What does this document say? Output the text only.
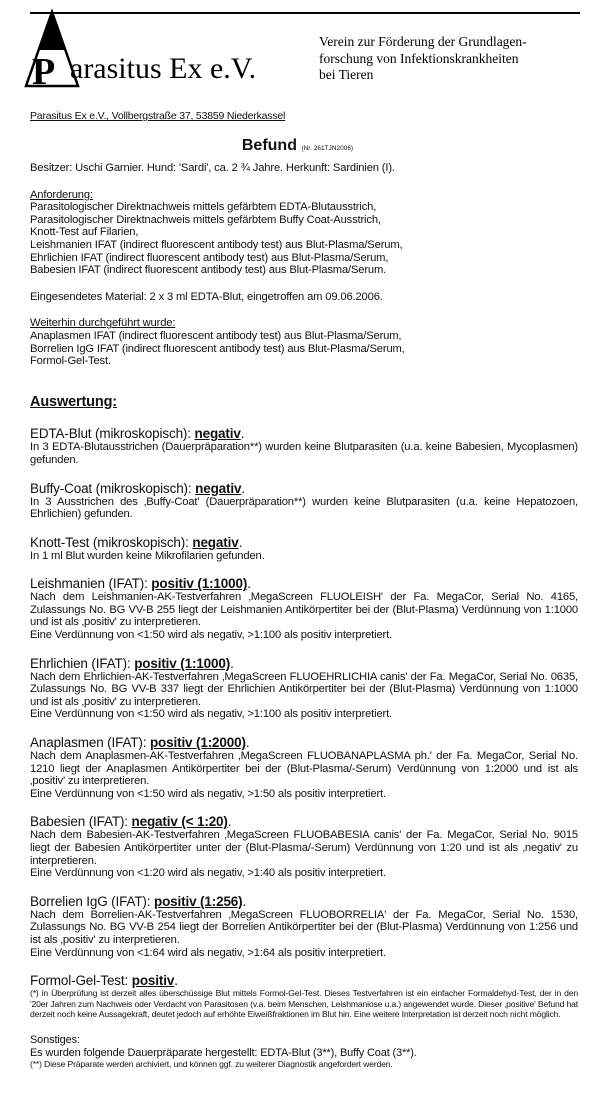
P arasitus Ex e.V.
Verein zur Förderung der Grundlagen-
forschung von Infektionskrankheiten
bei Tieren
Parasitus Ex e.V., Vollbergstraße 37, 53859 Niederkassel
Befund (Nr. 261TJN2006)
Besitzer: Uschi Garnier. Hund: 'Sardi', ca. 2 ¾ Jahre. Herkunft: Sardinien (I).
Anforderung:
Parasitologischer Direktnachweis mittels gefärbtem EDTA-Blutausstrich,
Parasitologischer Direktnachweis mittels gefärbtem Buffy Coat-Ausstrich,
Knott-Test auf Filarien,
Leishmanien IFAT (indirect fluorescent antibody test) aus Blut-Plasma/Serum,
Ehrlichien IFAT (indirect fluorescent antibody test) aus Blut-Plasma/Serum,
Babesien IFAT (indirect fluorescent antibody test) aus Blut-Plasma/Serum.
Eingesendetes Material: 2 x 3 ml EDTA-Blut, eingetroffen am 09.06.2006.
Weiterhin durchgeführt wurde:
Anaplasmen IFAT (indirect fluorescent antibody test) aus Blut-Plasma/Serum,
Borrelien IgG IFAT (indirect fluorescent antibody test) aus Blut-Plasma/Serum,
Formol-Gel-Test.
Auswertung:
EDTA-Blut (mikroskopisch): negativ.
In 3 EDTA-Blutausstrichen (Dauerpräparation**) wurden keine Blutparasiten (u.a. keine Babesien, Mycoplasmen) gefunden.
Buffy-Coat (mikroskopisch): negativ.
In 3 Ausstrichen des ‚Buffy-Coat' (Dauerpräparation**) wurden keine Blutparasiten (u.a. keine Hepatozoen, Ehrlichien) gefunden.
Knott-Test (mikroskopisch): negativ.
In 1 ml Blut wurden keine Mikrofilarien gefunden.
Leishmanien (IFAT): positiv (1:1000).
Nach dem Leishmanien-AK-Testverfahren ‚MegaScreen FLUOLEISH' der Fa. MegaCor, Serial No. 4165, Zulassungs No. BG VV-B 255 liegt der Leishmanien Antikörpertiter bei der (Blut-Plasma) Verdünnung von 1:1000 und ist als ‚positiv' zu interpretieren.
Eine Verdünnung von <1:50 wird als negativ, >1:100 als positiv interpretiert.
Ehrlichien (IFAT): positiv (1:1000).
Nach dem Ehrlichien-AK-Testverfahren ‚MegaScreen FLUOEHRLICHIA canis' der Fa. MegaCor, Serial No. 0635, Zulassungs No. BG VV-B 337 liegt der Ehrlichien Antikörpertiter bei der (Blut-Plasma) Verdünnung von 1:1000 und ist als ‚positiv' zu interpretieren.
Eine Verdünnung von <1:50 wird als negativ, >1:100 als positiv interpretiert.
Anaplasmen (IFAT): positiv (1:2000).
Nach dem Anaplasmen-AK-Testverfahren ‚MegaScreen FLUOBANAPLASMA ph.' der Fa. MegaCor, Serial No. 1210 liegt der Anaplasmen Antikörpertiter bei der (Blut-Plasma/-Serum) Verdünnung von 1:2000 und ist als ‚positiv' zu interpretieren.
Eine Verdünnung von <1:50 wird als negativ, >1:50 als positiv interpretiert.
Babesien (IFAT): negativ (< 1:20).
Nach dem Babesien-AK-Testverfahren ‚MegaScreen FLUOBABESIA canis' der Fa. MegaCor, Serial No. 9015 liegt der Babesien Antikörpertiter unter der (Blut-Plasma/-Serum) Verdünnung von 1:20 und ist als ‚negativ' zu interpretieren.
Eine Verdünnung von <1:20 wird als negativ, >1:40 als positiv interpretiert.
Borrelien IgG (IFAT): positiv (1:256).
Nach dem Borrelien-AK-Testverfahren ‚MegaScreen FLUOBORRELIA' der Fa. MegaCor, Serial No. 1530, Zulassungs No. BG VV-B 254 liegt der Borrelien Antikörpertiter bei der (Blut-Plasma) Verdünnung von 1:256 und ist als ‚positiv' zu interpretieren.
Eine Verdünnung von <1:64 wird als negativ, >1:64 als positiv interpretiert.
Formol-Gel-Test: positiv.
(*) in Überprüfung ist derzeit alles überschüssige Blut mittels Formol-Gel-Test. Dieses Testverfahren ist ein einfacher Formaldehyd-Test, der in den '20er Jahren zum Nachweis oder Verdacht von Parasitosen (v.a. beim Menschen, Leishmaniose u.a.) angewendet wurde. Dieser ‚positive' Befund hat derzeit noch keine Aussagekraft, deutet jedoch auf erhöhte Eiweißfraktionen im Blut hin. Eine weitere Interpretation ist derzeit noch nicht möglich.
Sonstiges:
Es wurden folgende Dauerpräparate hergestellt: EDTA-Blut (3**), Buffy Coat (3**).
(**) Diese Präparate werden archiviert, und können ggf. zu weiterer Diagnostik angefordert werden.
